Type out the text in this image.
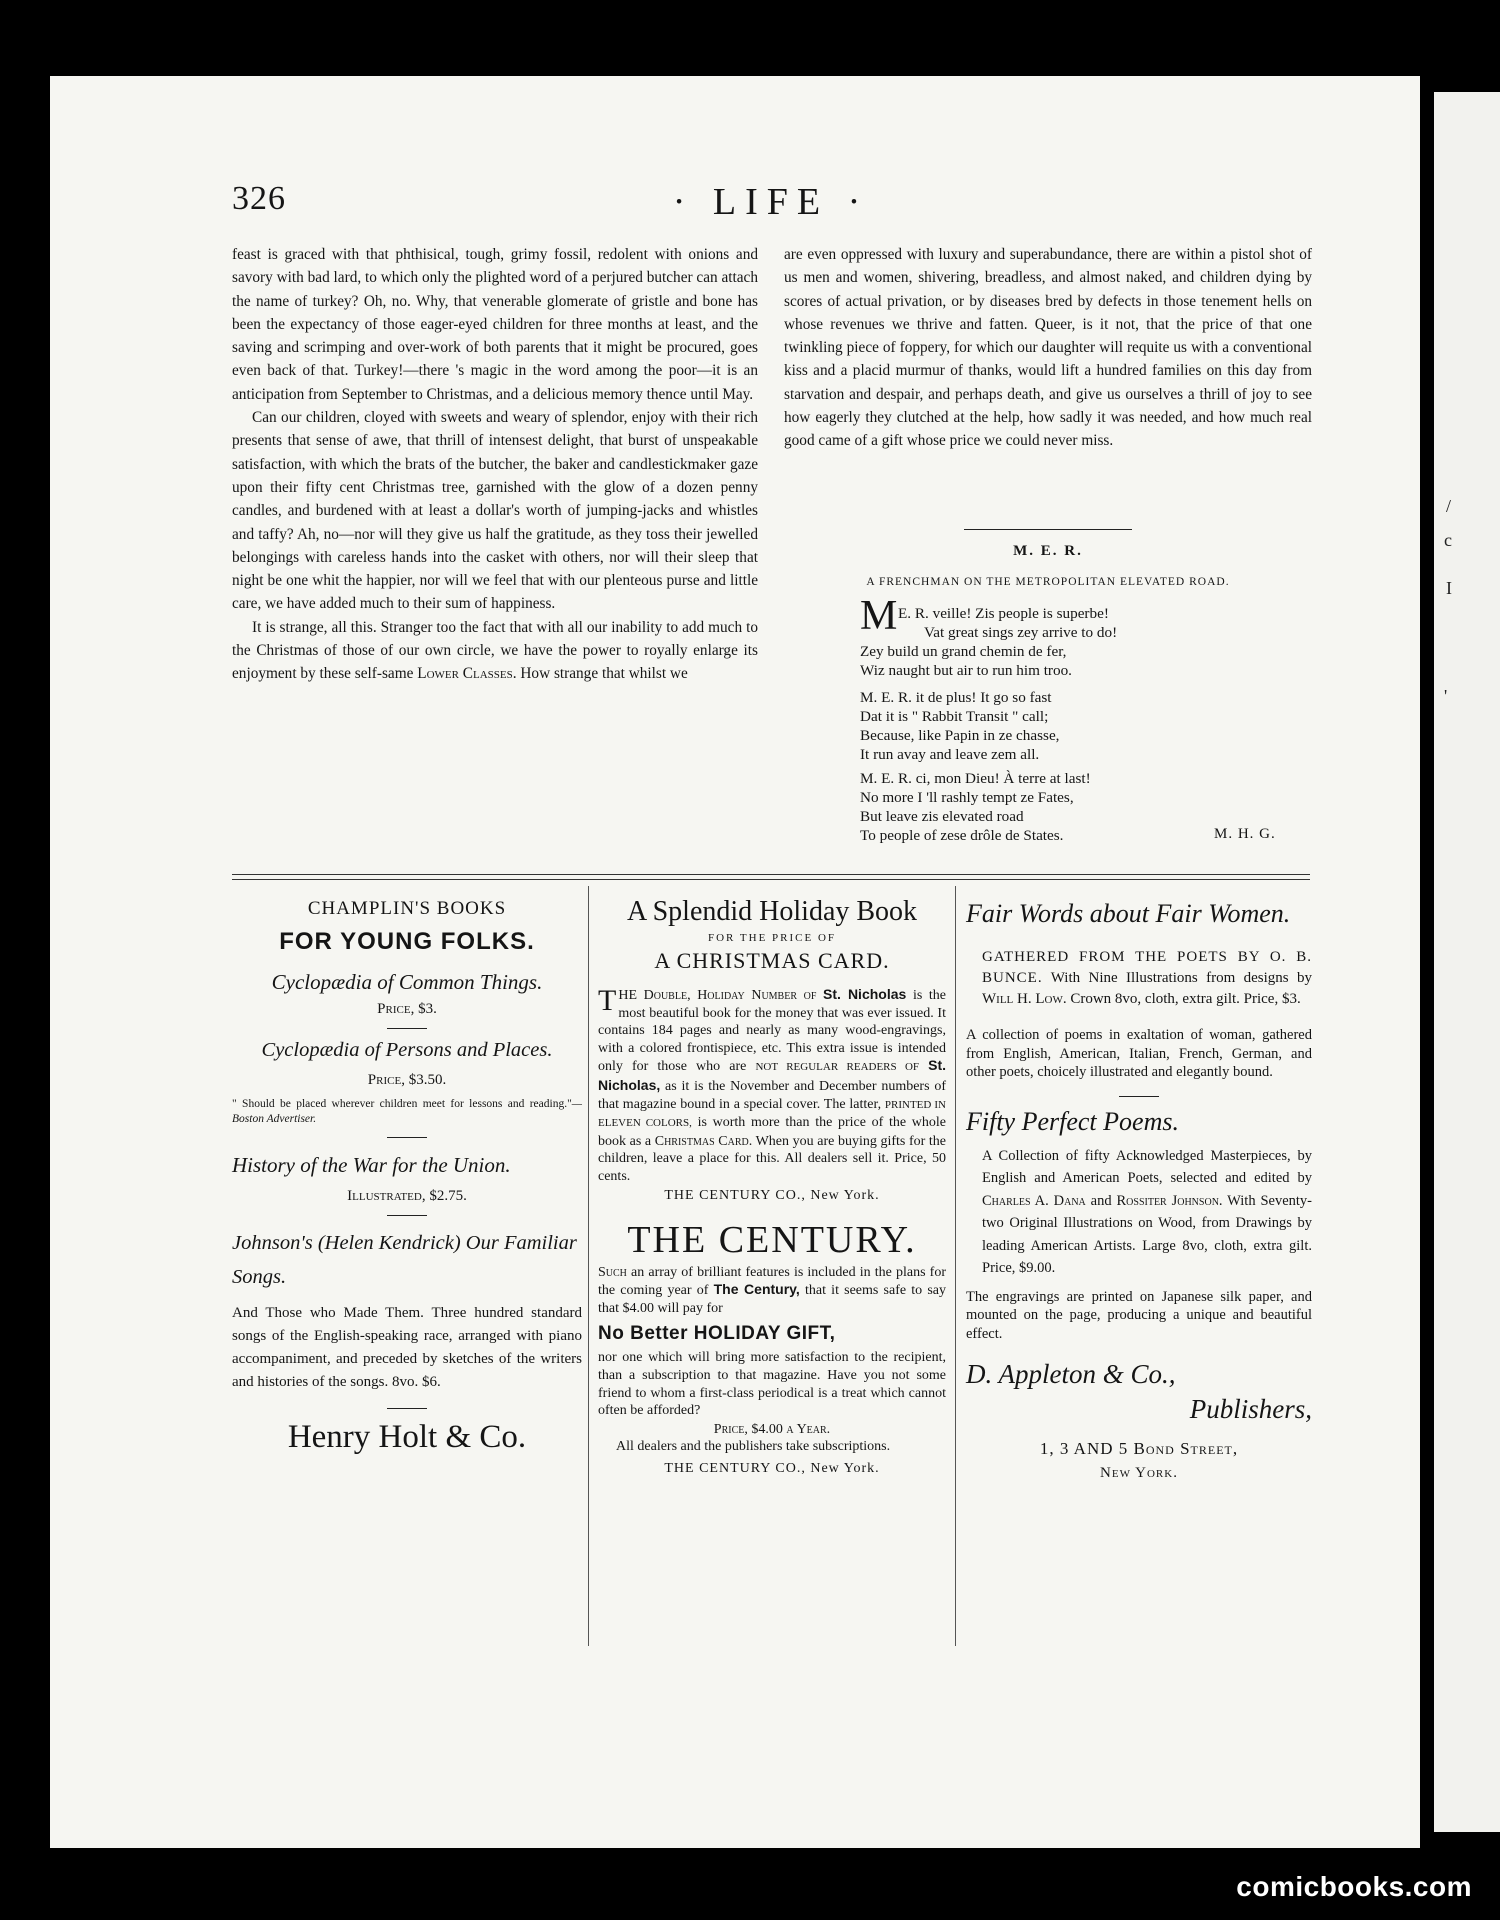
/
c
I
'
326	· LIFE ·

feast is graced with that phthisical, tough, grimy fossil, redolent with onions and savory with bad lard, to which only the plighted word of a perjured butcher can attach the name of turkey? Oh, no. Why, that venerable glomerate of gristle and bone has been the expectancy of those eager-eyed children for three months at least, and the saving and scrimping and over-work of both parents that it might be procured, goes even back of that. Turkey!—there 's magic in the word among the poor—it is an anticipation from September to Christmas, and a delicious memory thence until May.

Can our children, cloyed with sweets and weary of splendor, enjoy with their rich presents that sense of awe, that thrill of intensest delight, that burst of unspeakable satisfaction, with which the brats of the butcher, the baker and candlestickmaker gaze upon their fifty cent Christmas tree, garnished with the glow of a dozen penny candles, and burdened with at least a dollar's worth of jumping-jacks and whistles and taffy? Ah, no—nor will they give us half the gratitude, as they toss their jewelled belongings with careless hands into the casket with others, nor will their sleep that night be one whit the happier, nor will we feel that with our plenteous purse and little care, we have added much to their sum of happiness.

It is strange, all this. Stranger too the fact that with all our inability to add much to the Christmas of those of our own circle, we have the power to royally enlarge its enjoyment by these self-same Lower Classes. How strange that whilst we

are even oppressed with luxury and superabundance, there are within a pistol shot of us men and women, shivering, breadless, and almost naked, and children dying by scores of actual privation, or by diseases bred by defects in those tenement hells on whose revenues we thrive and fatten. Queer, is it not, that the price of that one twinkling piece of foppery, for which our daughter will requite us with a conventional kiss and a placid murmur of thanks, would lift a hundred families on this day from starvation and despair, and perhaps death, and give us ourselves a thrill of joy to see how eagerly they clutched at the help, how sadly it was needed, and how much real good came of a gift whose price we could never miss.

M. E. R.
A FRENCHMAN ON THE METROPOLITAN ELEVATED ROAD.
M E. R. veille! Zis people is superbe!
Vat great sings zey arrive to do!
Zey build un grand chemin de fer,
Wiz naught but air to run him troo.
M. E. R. it de plus! It go so fast
Dat it is " Rabbit Transit " call;
Because, like Papin in ze chasse,
It run avay and leave zem all.
M. E. R. ci, mon Dieu! À terre at last!
No more I 'll rashly tempt ze Fates,
But leave zis elevated road
To people of zese drôle de States.	M. H. G.
CHAMPLIN'S BOOKS
FOR YOUNG FOLKS.
Cyclopædia of Common Things.
Price, $3.
Cyclopædia of Persons and Places.
Price, $3.50.
" Should be placed wherever children meet for lessons and reading."—Boston Advertiser.
History of the War for the Union.
Illustrated, $2.75.
Johnson's (Helen Kendrick) Our Familiar Songs.
And Those who Made Them. Three hundred standard songs of the English-speaking race, arranged with piano accompaniment, and preceded by sketches of the writers and histories of the songs. 8vo. $6.
Henry Holt & Co.
A Splendid Holiday Book
FOR THE PRICE OF
A CHRISTMAS CARD.
THE Double, Holiday Number of St. Nicholas is the most beautiful book for the money that was ever issued. It contains 184 pages and nearly as many wood-engravings, with a colored frontispiece, etc. This extra issue is intended only for those who are NOT REGULAR READERS OF St. Nicholas, as it is the November and December numbers of that magazine bound in a special cover. The latter, PRINTED IN ELEVEN COLORS, is worth more than the price of the whole book as a Christmas Card. When you are buying gifts for the children, leave a place for this. All dealers sell it. Price, 50 cents.
THE CENTURY CO., New York.
THE CENTURY.
Such an array of brilliant features is included in the plans for the coming year of The Century, that it seems safe to say that $4.00 will pay for
No Better HOLIDAY GIFT,
nor one which will bring more satisfaction to the recipient, than a subscription to that magazine. Have you not some friend to whom a first-class periodical is a treat which cannot often be afforded?
Price, $4.00 a Year.
All dealers and the publishers take subscriptions.
THE CENTURY CO., New York.
Fair Words about Fair Women.
GATHERED FROM THE POETS BY O. B. BUNCE. With Nine Illustrations from designs by Will H. Low. Crown 8vo, cloth, extra gilt. Price, $3.
A collection of poems in exaltation of woman, gathered from English, American, Italian, French, German, and other poets, choicely illustrated and elegantly bound.
Fifty Perfect Poems.
A Collection of fifty Acknowledged Masterpieces, by English and American Poets, selected and edited by Charles A. Dana and Rossiter Johnson. With Seventy-two Original Illustrations on Wood, from Drawings by leading American Artists. Large 8vo, cloth, extra gilt. Price, $9.00.
The engravings are printed on Japanese silk paper, and mounted on the page, producing a unique and beautiful effect.
D. Appleton & Co.,
Publishers,
1, 3 AND 5 Bond Street,
New York.
comicbooks.com
